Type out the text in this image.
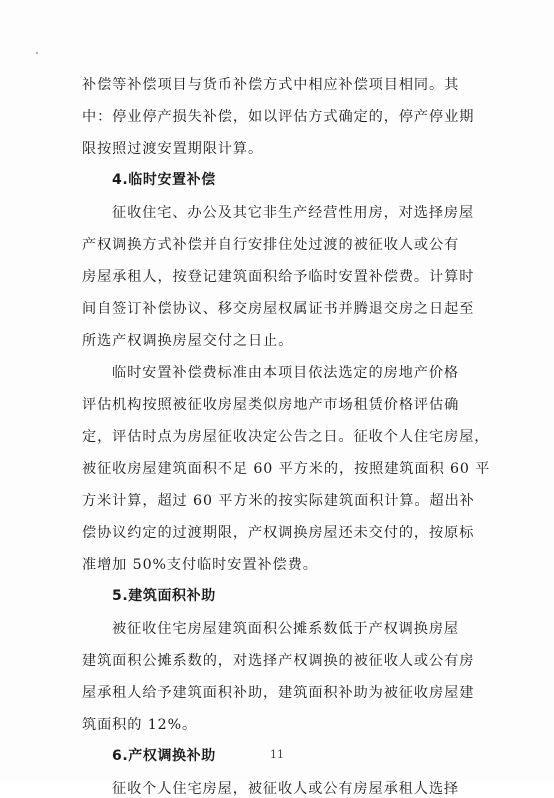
补偿等补偿项目与货币补偿方式中相应补偿项目相同。其
中：停业停产损失补偿，如以评估方式确定的，停产停业期
限按照过渡安置期限计算。
4.临时安置补偿
征收住宅、办公及其它非生产经营性用房，对选择房屋
产权调换方式补偿并自行安排住处过渡的被征收人或公有
房屋承租人，按登记建筑面积给予临时安置补偿费。计算时
间自签订补偿协议、移交房屋权属证书并腾退交房之日起至
所选产权调换房屋交付之日止。
临时安置补偿费标准由本项目依法选定的房地产价格
评估机构按照被征收房屋类似房地产市场租赁价格评估确
定，评估时点为房屋征收决定公告之日。征收个人住宅房屋，
被征收房屋建筑面积不足 60 平方米的，按照建筑面积 60 平
方米计算，超过 60 平方米的按实际建筑面积计算。超出补
偿协议约定的过渡期限，产权调换房屋还未交付的，按原标
准增加 50%支付临时安置补偿费。
5.建筑面积补助
被征收住宅房屋建筑面积公摊系数低于产权调换房屋
建筑面积公摊系数的，对选择产权调换的被征收人或公有房
屋承租人给予建筑面积补助，建筑面积补助为被征收房屋建
筑面积的 12%。
6.产权调换补助
征收个人住宅房屋，被征收人或公有房屋承租人选择
11
